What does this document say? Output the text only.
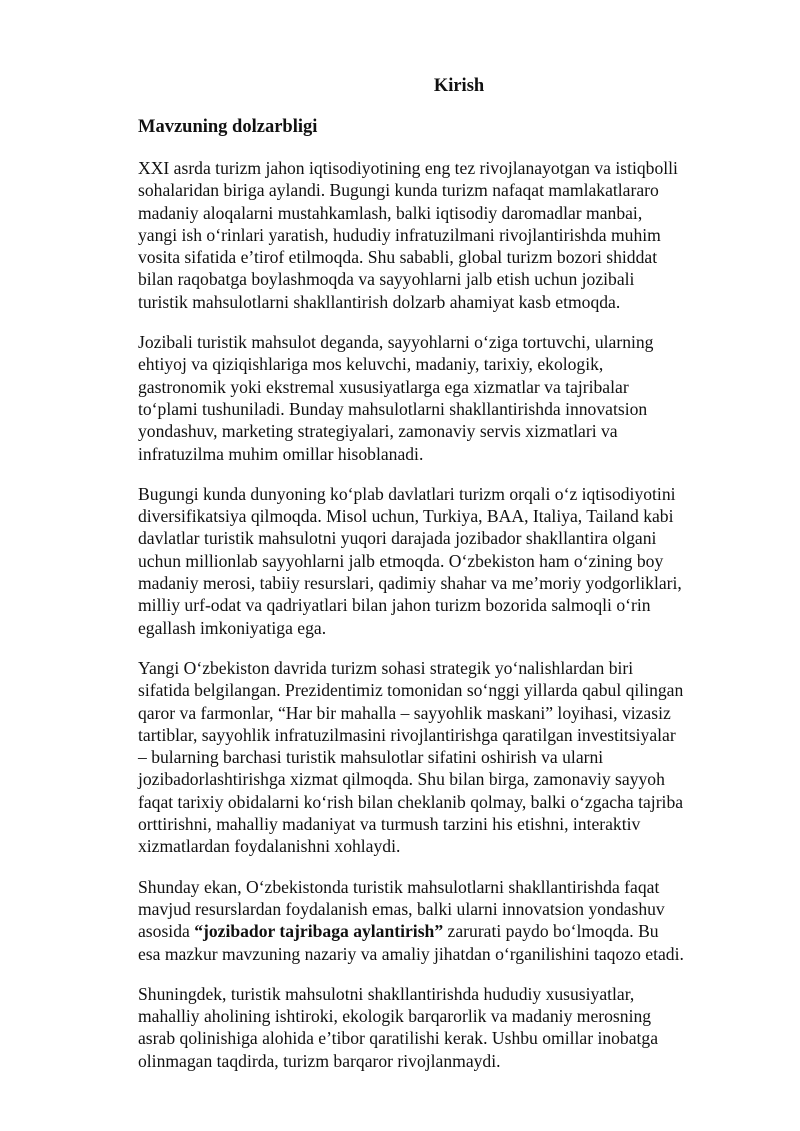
Kirish
Mavzuning dolzarbligi
XXI asrda turizm jahon iqtisodiyotining eng tez rivojlanayotgan va istiqbolli
sohalaridan biriga aylandi. Bugungi kunda turizm nafaqat mamlakatlararo
madaniy aloqalarni mustahkamlash, balki iqtisodiy daromadlar manbai,
yangi ish o‘rinlari yaratish, hududiy infratuzilmani rivojlantirishda muhim
vosita sifatida e’tirof etilmoqda. Shu sababli, global turizm bozori shiddat
bilan raqobatga boylashmoqda va sayyohlarni jalb etish uchun jozibali
turistik mahsulotlarni shakllantirish dolzarb ahamiyat kasb etmoqda.
Jozibali turistik mahsulot deganda, sayyohlarni o‘ziga tortuvchi, ularning
ehtiyoj va qiziqishlariga mos keluvchi, madaniy, tarixiy, ekologik,
gastronomik yoki ekstremal xususiyatlarga ega xizmatlar va tajribalar
to‘plami tushuniladi. Bunday mahsulotlarni shakllantirishda innovatsion
yondashuv, marketing strategiyalari, zamonaviy servis xizmatlari va
infratuzilma muhim omillar hisoblanadi.
Bugungi kunda dunyoning ko‘plab davlatlari turizm orqali o‘z iqtisodiyotini
diversifikatsiya qilmoqda. Misol uchun, Turkiya, BAA, Italiya, Tailand kabi
davlatlar turistik mahsulotni yuqori darajada jozibador shakllantira olgani
uchun millionlab sayyohlarni jalb etmoqda. O‘zbekiston ham o‘zining boy
madaniy merosi, tabiiy resurslari, qadimiy shahar va me’moriy yodgorliklari,
milliy urf-odat va qadriyatlari bilan jahon turizm bozorida salmoqli o‘rin
egallash imkoniyatiga ega.
Yangi O‘zbekiston davrida turizm sohasi strategik yo‘nalishlardan biri
sifatida belgilangan. Prezidentimiz tomonidan so‘nggi yillarda qabul qilingan
qaror va farmonlar, “Har bir mahalla – sayyohlik maskani” loyihasi, vizasiz
tartiblar, sayyohlik infratuzilmasini rivojlantirishga qaratilgan investitsiyalar
– bularning barchasi turistik mahsulotlar sifatini oshirish va ularni
jozibadorlashtirishga xizmat qilmoqda. Shu bilan birga, zamonaviy sayyoh
faqat tarixiy obidalarni ko‘rish bilan cheklanib qolmay, balki o‘zgacha tajriba
orttirishni, mahalliy madaniyat va turmush tarzini his etishni, interaktiv
xizmatlardan foydalanishni xohlaydi.
Shunday ekan, O‘zbekistonda turistik mahsulotlarni shakllantirishda faqat
mavjud resurslardan foydalanish emas, balki ularni innovatsion yondashuv
asosida “jozibador tajribaga aylantirish” zarurati paydo bo‘lmoqda. Bu
esa mazkur mavzuning nazariy va amaliy jihatdan o‘rganilishini taqozo etadi.
Shuningdek, turistik mahsulotni shakllantirishda hududiy xususiyatlar,
mahalliy aholining ishtiroki, ekologik barqarorlik va madaniy merosning
asrab qolinishiga alohida e’tibor qaratilishi kerak. Ushbu omillar inobatga
olinmagan taqdirda, turizm barqaror rivojlanmaydi.
